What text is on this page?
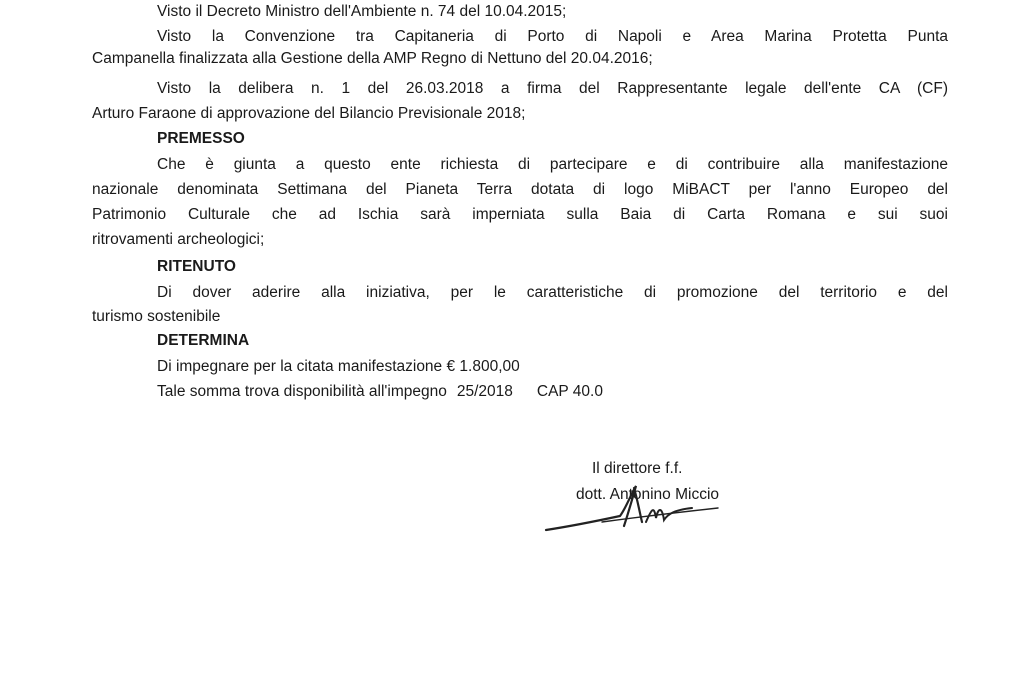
Visto il Decreto Ministro dell'Ambiente n. 74 del 10.04.2015;
Visto la Convenzione tra Capitaneria di Porto di Napoli e Area Marina Protetta Punta
Campanella finalizzata alla Gestione della AMP Regno di Nettuno del 20.04.2016;
Visto la delibera n. 1 del 26.03.2018 a firma del Rappresentante legale dell'ente CA (CF)
Arturo Faraone di approvazione del Bilancio Previsionale 2018;
PREMESSO
Che è giunta a questo ente richiesta di partecipare e di contribuire alla manifestazione
nazionale denominata Settimana del Pianeta Terra dotata di logo MiBACT per l'anno Europeo del
Patrimonio Culturale che ad Ischia sarà imperniata sulla Baia di Carta Romana e sui suoi
ritrovamenti archeologici;
RITENUTO
Di dover aderire alla iniziativa, per le caratteristiche di promozione del territorio e del
turismo sostenibile
DETERMINA
Di impegnare per la citata manifestazione € 1.800,00
Tale somma trova disponibilità all'impegno 25/2018 CAP 40.0
Il direttore f.f.
dott. Antonino Miccio
